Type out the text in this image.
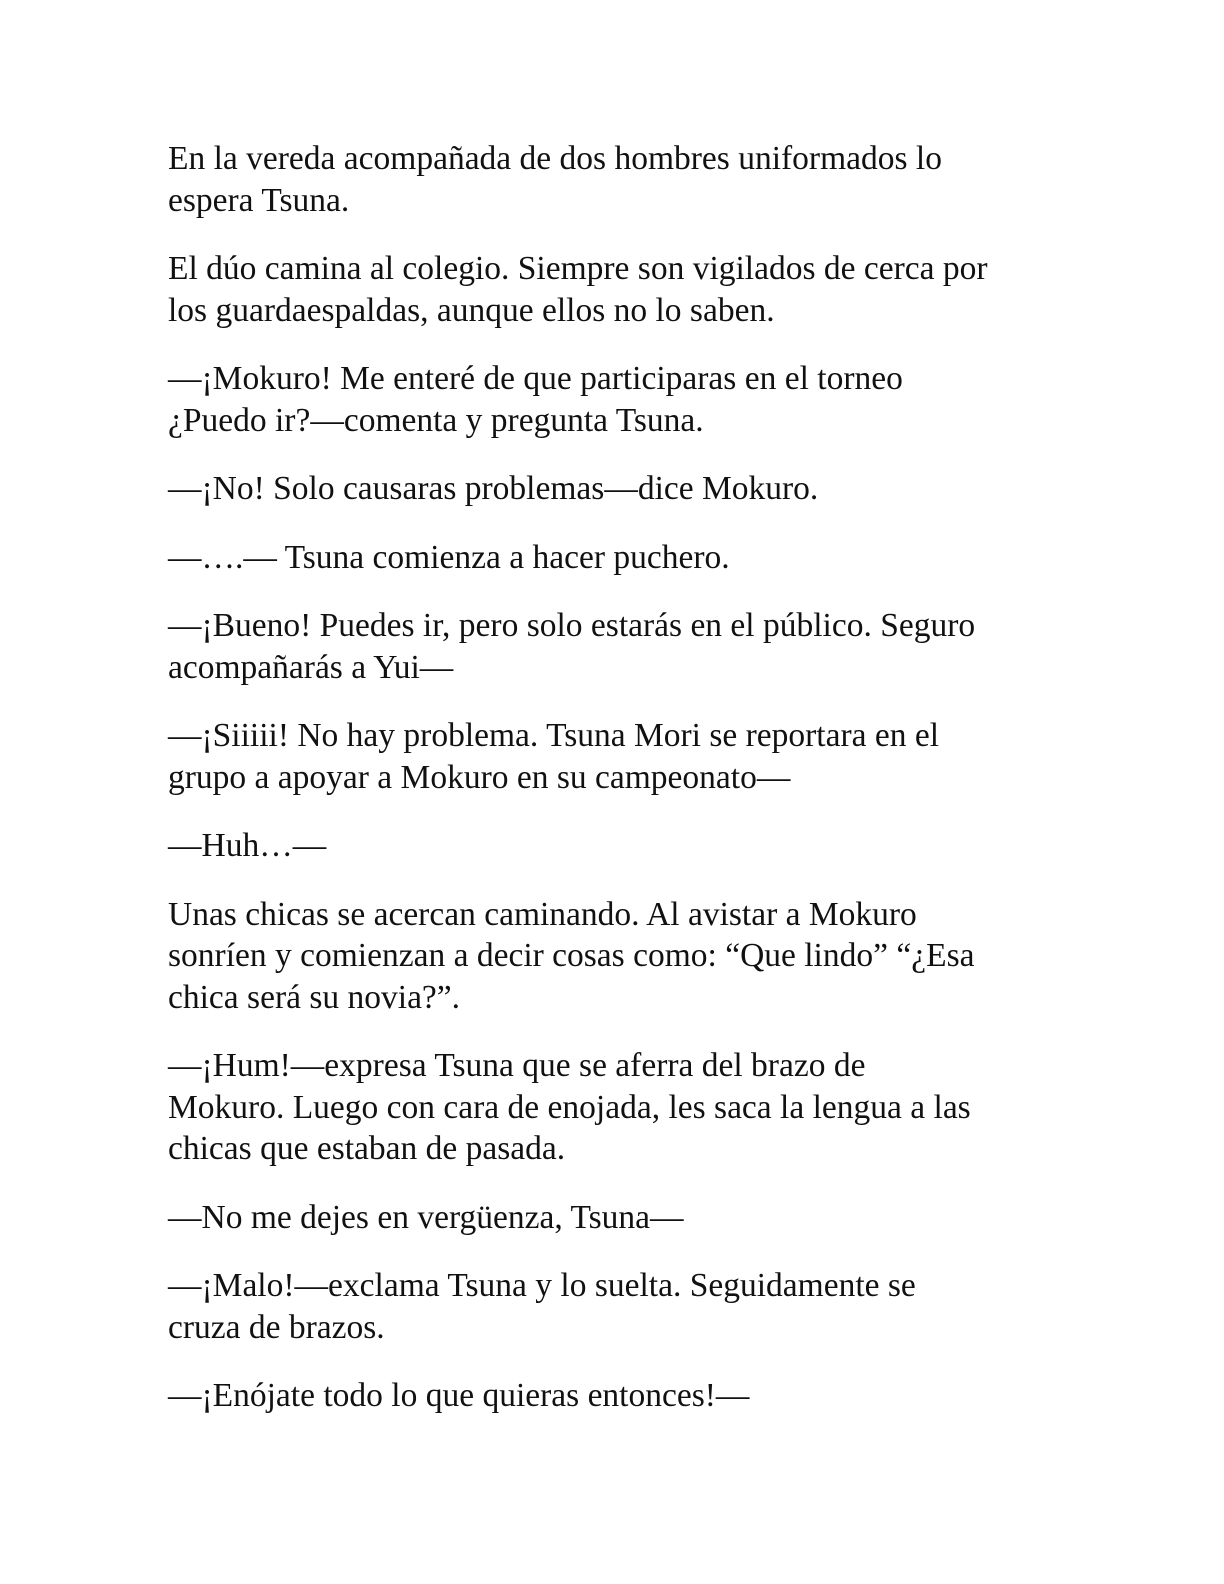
En la vereda acompañada de dos hombres uniformados lo
espera Tsuna.

El dúo camina al colegio. Siempre son vigilados de cerca por
los guardaespaldas, aunque ellos no lo saben.

—¡Mokuro! Me enteré de que participaras en el torneo
¿Puedo ir?—comenta y pregunta Tsuna.

—¡No! Solo causaras problemas—dice Mokuro.

—….— Tsuna comienza a hacer puchero.

—¡Bueno! Puedes ir, pero solo estarás en el público. Seguro
acompañarás a Yui—

—¡Siiiii! No hay problema. Tsuna Mori se reportara en el
grupo a apoyar a Mokuro en su campeonato—

—Huh…—

Unas chicas se acercan caminando. Al avistar a Mokuro
sonríen y comienzan a decir cosas como: “Que lindo” “¿Esa
chica será su novia?”.

—¡Hum!—expresa Tsuna que se aferra del brazo de
Mokuro. Luego con cara de enojada, les saca la lengua a las
chicas que estaban de pasada.

—No me dejes en vergüenza, Tsuna—

—¡Malo!—exclama Tsuna y lo suelta. Seguidamente se
cruza de brazos.

—¡Enójate todo lo que quieras entonces!—
